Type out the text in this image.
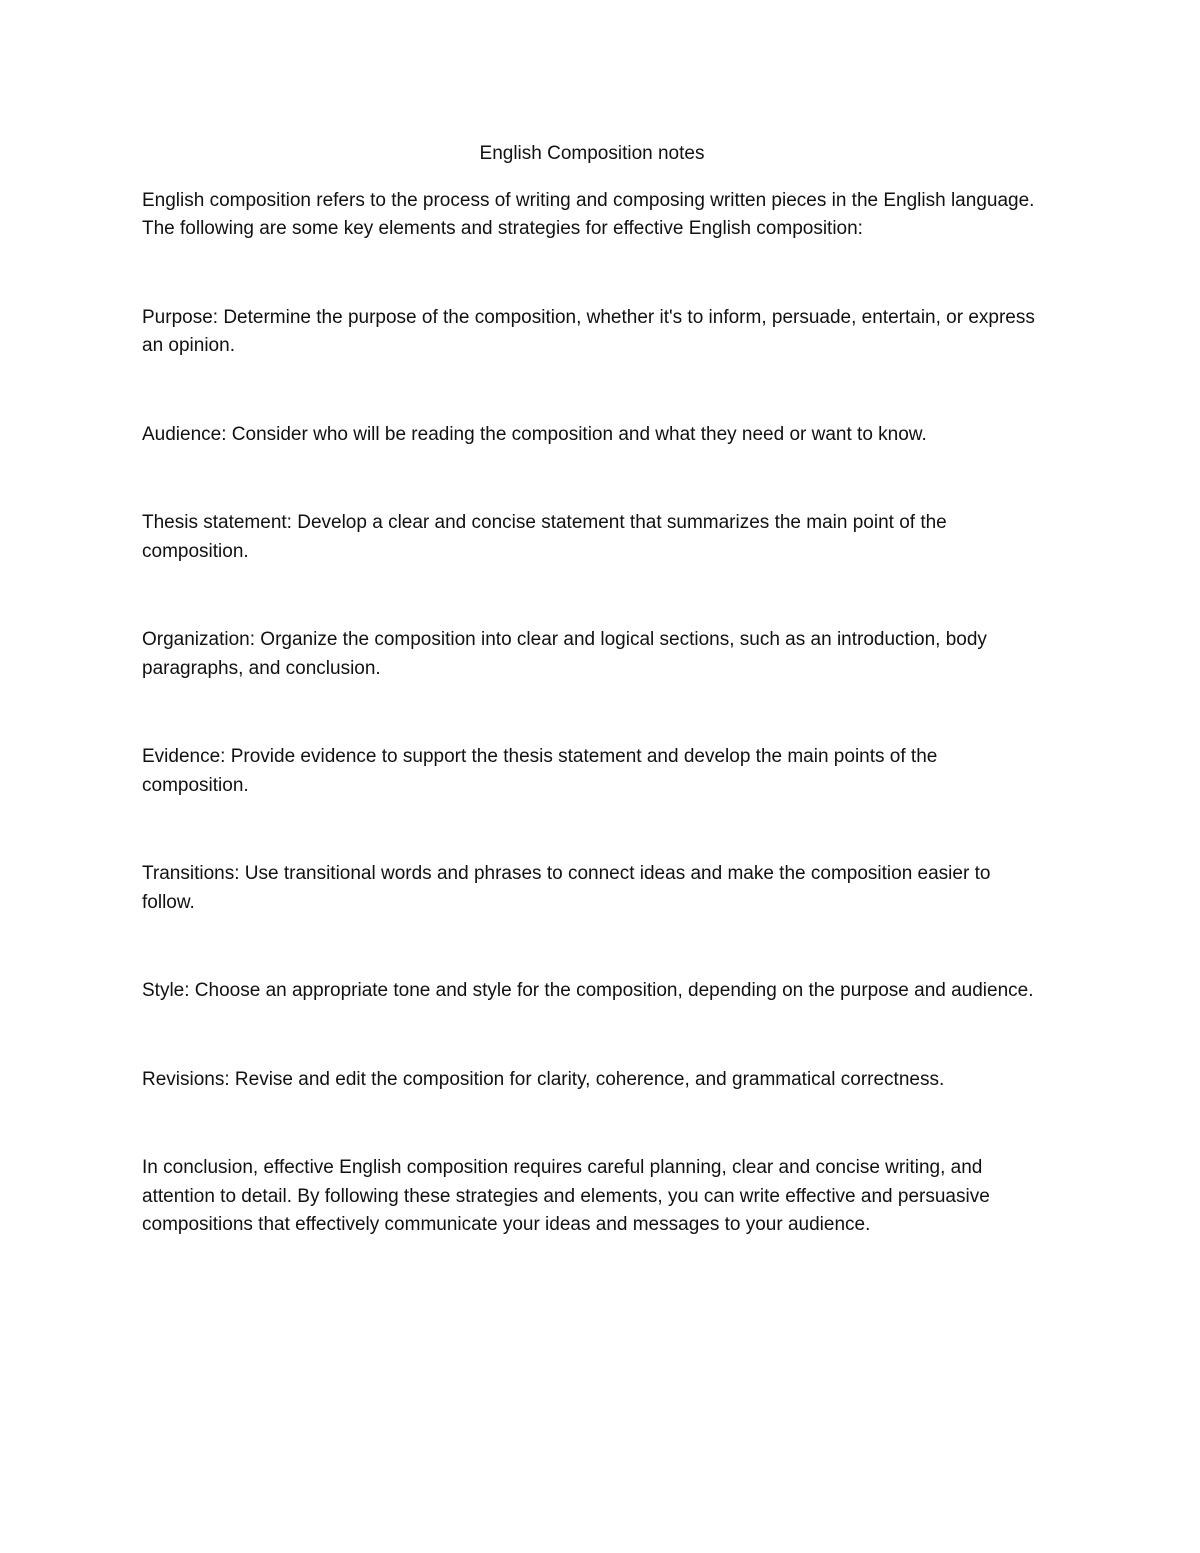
English Composition notes

English composition refers to the process of writing and composing written pieces in the English language. The following are some key elements and strategies for effective English composition:

Purpose: Determine the purpose of the composition, whether it's to inform, persuade, entertain, or express an opinion.

Audience: Consider who will be reading the composition and what they need or want to know.

Thesis statement: Develop a clear and concise statement that summarizes the main point of the composition.

Organization: Organize the composition into clear and logical sections, such as an introduction, body paragraphs, and conclusion.

Evidence: Provide evidence to support the thesis statement and develop the main points of the composition.

Transitions: Use transitional words and phrases to connect ideas and make the composition easier to follow.

Style: Choose an appropriate tone and style for the composition, depending on the purpose and audience.

Revisions: Revise and edit the composition for clarity, coherence, and grammatical correctness.

In conclusion, effective English composition requires careful planning, clear and concise writing, and attention to detail. By following these strategies and elements, you can write effective and persuasive compositions that effectively communicate your ideas and messages to your audience.
